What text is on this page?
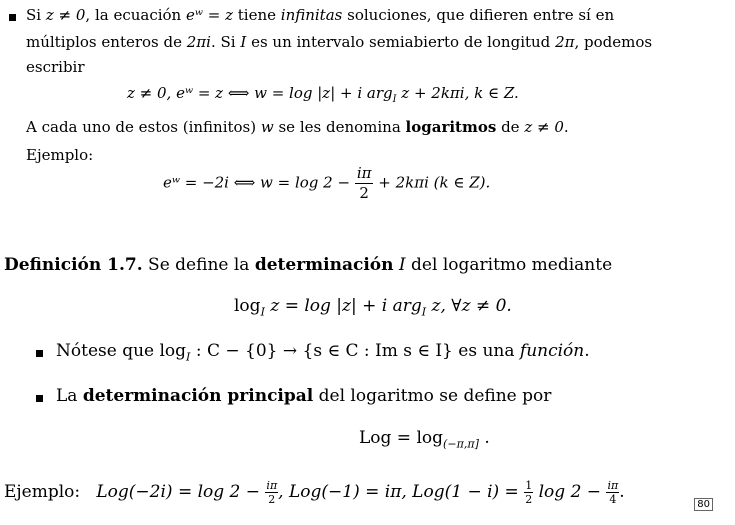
Si z ≠ 0, la ecuación eʷ = z tiene infinitas soluciones, que difieren entre sí en
múltiplos enteros de 2πi. Si I es un intervalo semiabierto de longitud 2π, podemos
escribir
z ≠ 0, eʷ = z ⟺ w = log |z| + i arg$_I$ z + 2kπi, k ∈ Z.
A cada uno de estos (infinitos) w se les denomina logaritmos de z ≠ 0.
Ejemplo:
eʷ = −2i ⟺ $w = \log 2 - \frac{i\pi}{2} + 2k\pi i$ (k ∈ Z).
Definición 1.7. Se define la determinación I del logaritmo mediante
$\log_I z = \log |z| + i$ arg$_I$ z, ∀z ≠ 0.
Nótese que $\log_I$ : C − {0} → {s ∈ C : Im s ∈ I} es una función.
La determinación principal del logaritmo se define por
Log = $\log_{(-\pi,\pi]}$ .
Ejemplo: $Log(-2i) = \log 2 - \frac{i\pi}{2}$ , Log(−1) = iπ, $Log(1 - i) = \frac{1}{2}$ $\log 2 - \frac{i\pi}{4}$ .
80
